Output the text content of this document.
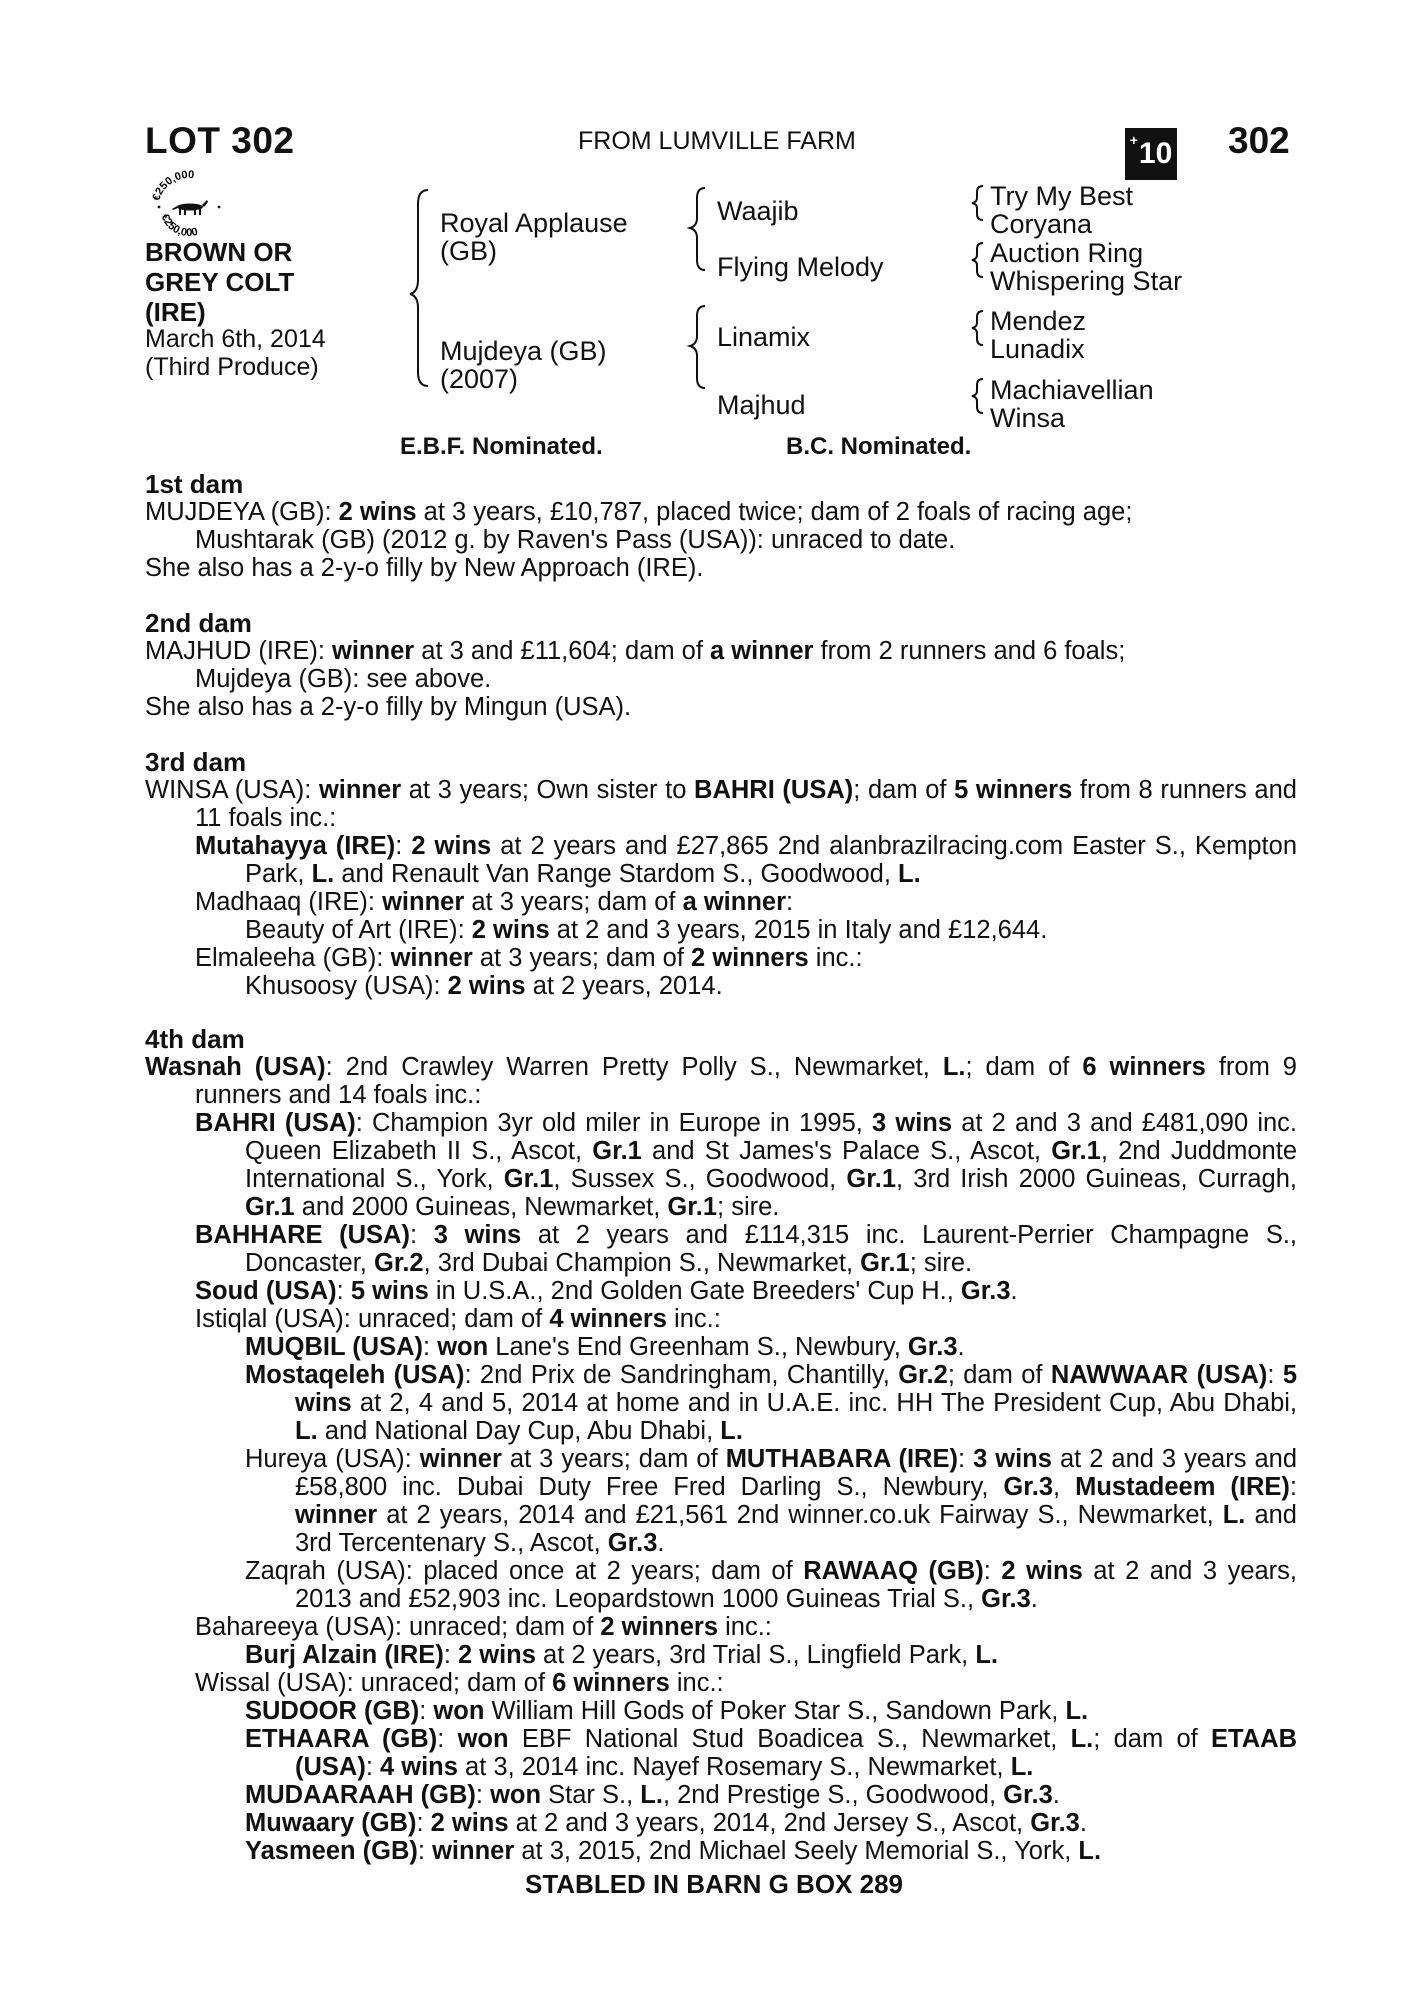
LOT 302	FROM LUMVILLE FARM	+ 10 302
€250,000
€250,000
BROWN OR
GREY COLT
(IRE)
March 6th, 2014
(Third Produce)
Royal Applause
(GB)
Mujdeya (GB)
(2007)
Waajib
Flying Melody
Linamix
Majhud
Try My Best
Coryana
Auction Ring
Whispering Star
Mendez
Lunadix
Machiavellian
Winsa
E.B.F. Nominated.	B.C. Nominated.

1st dam

MUJDEYA (GB): 2 wins at 3 years, £10,787, placed twice; dam of 2 foals of racing age;

Mushtarak (GB) (2012 g. by Raven's Pass (USA)): unraced to date.

She also has a 2-y-o filly by New Approach (IRE).

2nd dam

MAJHUD (IRE): winner at 3 and £11,604; dam of a winner from 2 runners and 6 foals;

Mujdeya (GB): see above.

She also has a 2-y-o filly by Mingun (USA).

3rd dam

WINSA (USA): winner at 3 years; Own sister to BAHRI (USA); dam of 5 winners from 8 runners and 11 foals inc.:

Mutahayya (IRE): 2 wins at 2 years and £27,865 2nd alanbrazilracing.com Easter S., Kempton Park, L. and Renault Van Range Stardom S., Goodwood, L.

Madhaaq (IRE): winner at 3 years; dam of a winner:

Beauty of Art (IRE): 2 wins at 2 and 3 years, 2015 in Italy and £12,644.

Elmaleeha (GB): winner at 3 years; dam of 2 winners inc.:

Khusoosy (USA): 2 wins at 2 years, 2014.

4th dam

Wasnah (USA): 2nd Crawley Warren Pretty Polly S., Newmarket, L.; dam of 6 winners from 9 runners and 14 foals inc.:

BAHRI (USA): Champion 3yr old miler in Europe in 1995, 3 wins at 2 and 3 and £481,090 inc. Queen Elizabeth II S., Ascot, Gr.1 and St James's Palace S., Ascot, Gr.1, 2nd Juddmonte International S., York, Gr.1, Sussex S., Goodwood, Gr.1, 3rd Irish 2000 Guineas, Curragh, Gr.1 and 2000 Guineas, Newmarket, Gr.1; sire.

BAHHARE (USA): 3 wins at 2 years and £114,315 inc. Laurent-Perrier Champagne S., Doncaster, Gr.2, 3rd Dubai Champion S., Newmarket, Gr.1; sire.

Soud (USA): 5 wins in U.S.A., 2nd Golden Gate Breeders' Cup H., Gr.3.

Istiqlal (USA): unraced; dam of 4 winners inc.:

MUQBIL (USA): won Lane's End Greenham S., Newbury, Gr.3.

Mostaqeleh (USA): 2nd Prix de Sandringham, Chantilly, Gr.2; dam of NAWWAAR (USA): 5 wins at 2, 4 and 5, 2014 at home and in U.A.E. inc. HH The President Cup, Abu Dhabi, L. and National Day Cup, Abu Dhabi, L.

Hureya (USA): winner at 3 years; dam of MUTHABARA (IRE): 3 wins at 2 and 3 years and £58,800 inc. Dubai Duty Free Fred Darling S., Newbury, Gr.3, Mustadeem (IRE): winner at 2 years, 2014 and £21,561 2nd winner.co.uk Fairway S., Newmarket, L. and 3rd Tercentenary S., Ascot, Gr.3.

Zaqrah (USA): placed once at 2 years; dam of RAWAAQ (GB): 2 wins at 2 and 3 years, 2013 and £52,903 inc. Leopardstown 1000 Guineas Trial S., Gr.3.

Bahareeya (USA): unraced; dam of 2 winners inc.:

Burj Alzain (IRE): 2 wins at 2 years, 3rd Trial S., Lingfield Park, L.

Wissal (USA): unraced; dam of 6 winners inc.:

SUDOOR (GB): won William Hill Gods of Poker Star S., Sandown Park, L.

ETHAARA (GB): won EBF National Stud Boadicea S., Newmarket, L.; dam of ETAAB (USA): 4 wins at 3, 2014 inc. Nayef Rosemary S., Newmarket, L.

MUDAARAAH (GB): won Star S., L., 2nd Prestige S., Goodwood, Gr.3.

Muwaary (GB): 2 wins at 2 and 3 years, 2014, 2nd Jersey S., Ascot, Gr.3.

Yasmeen (GB): winner at 3, 2015, 2nd Michael Seely Memorial S., York, L.

STABLED IN BARN G BOX 289
